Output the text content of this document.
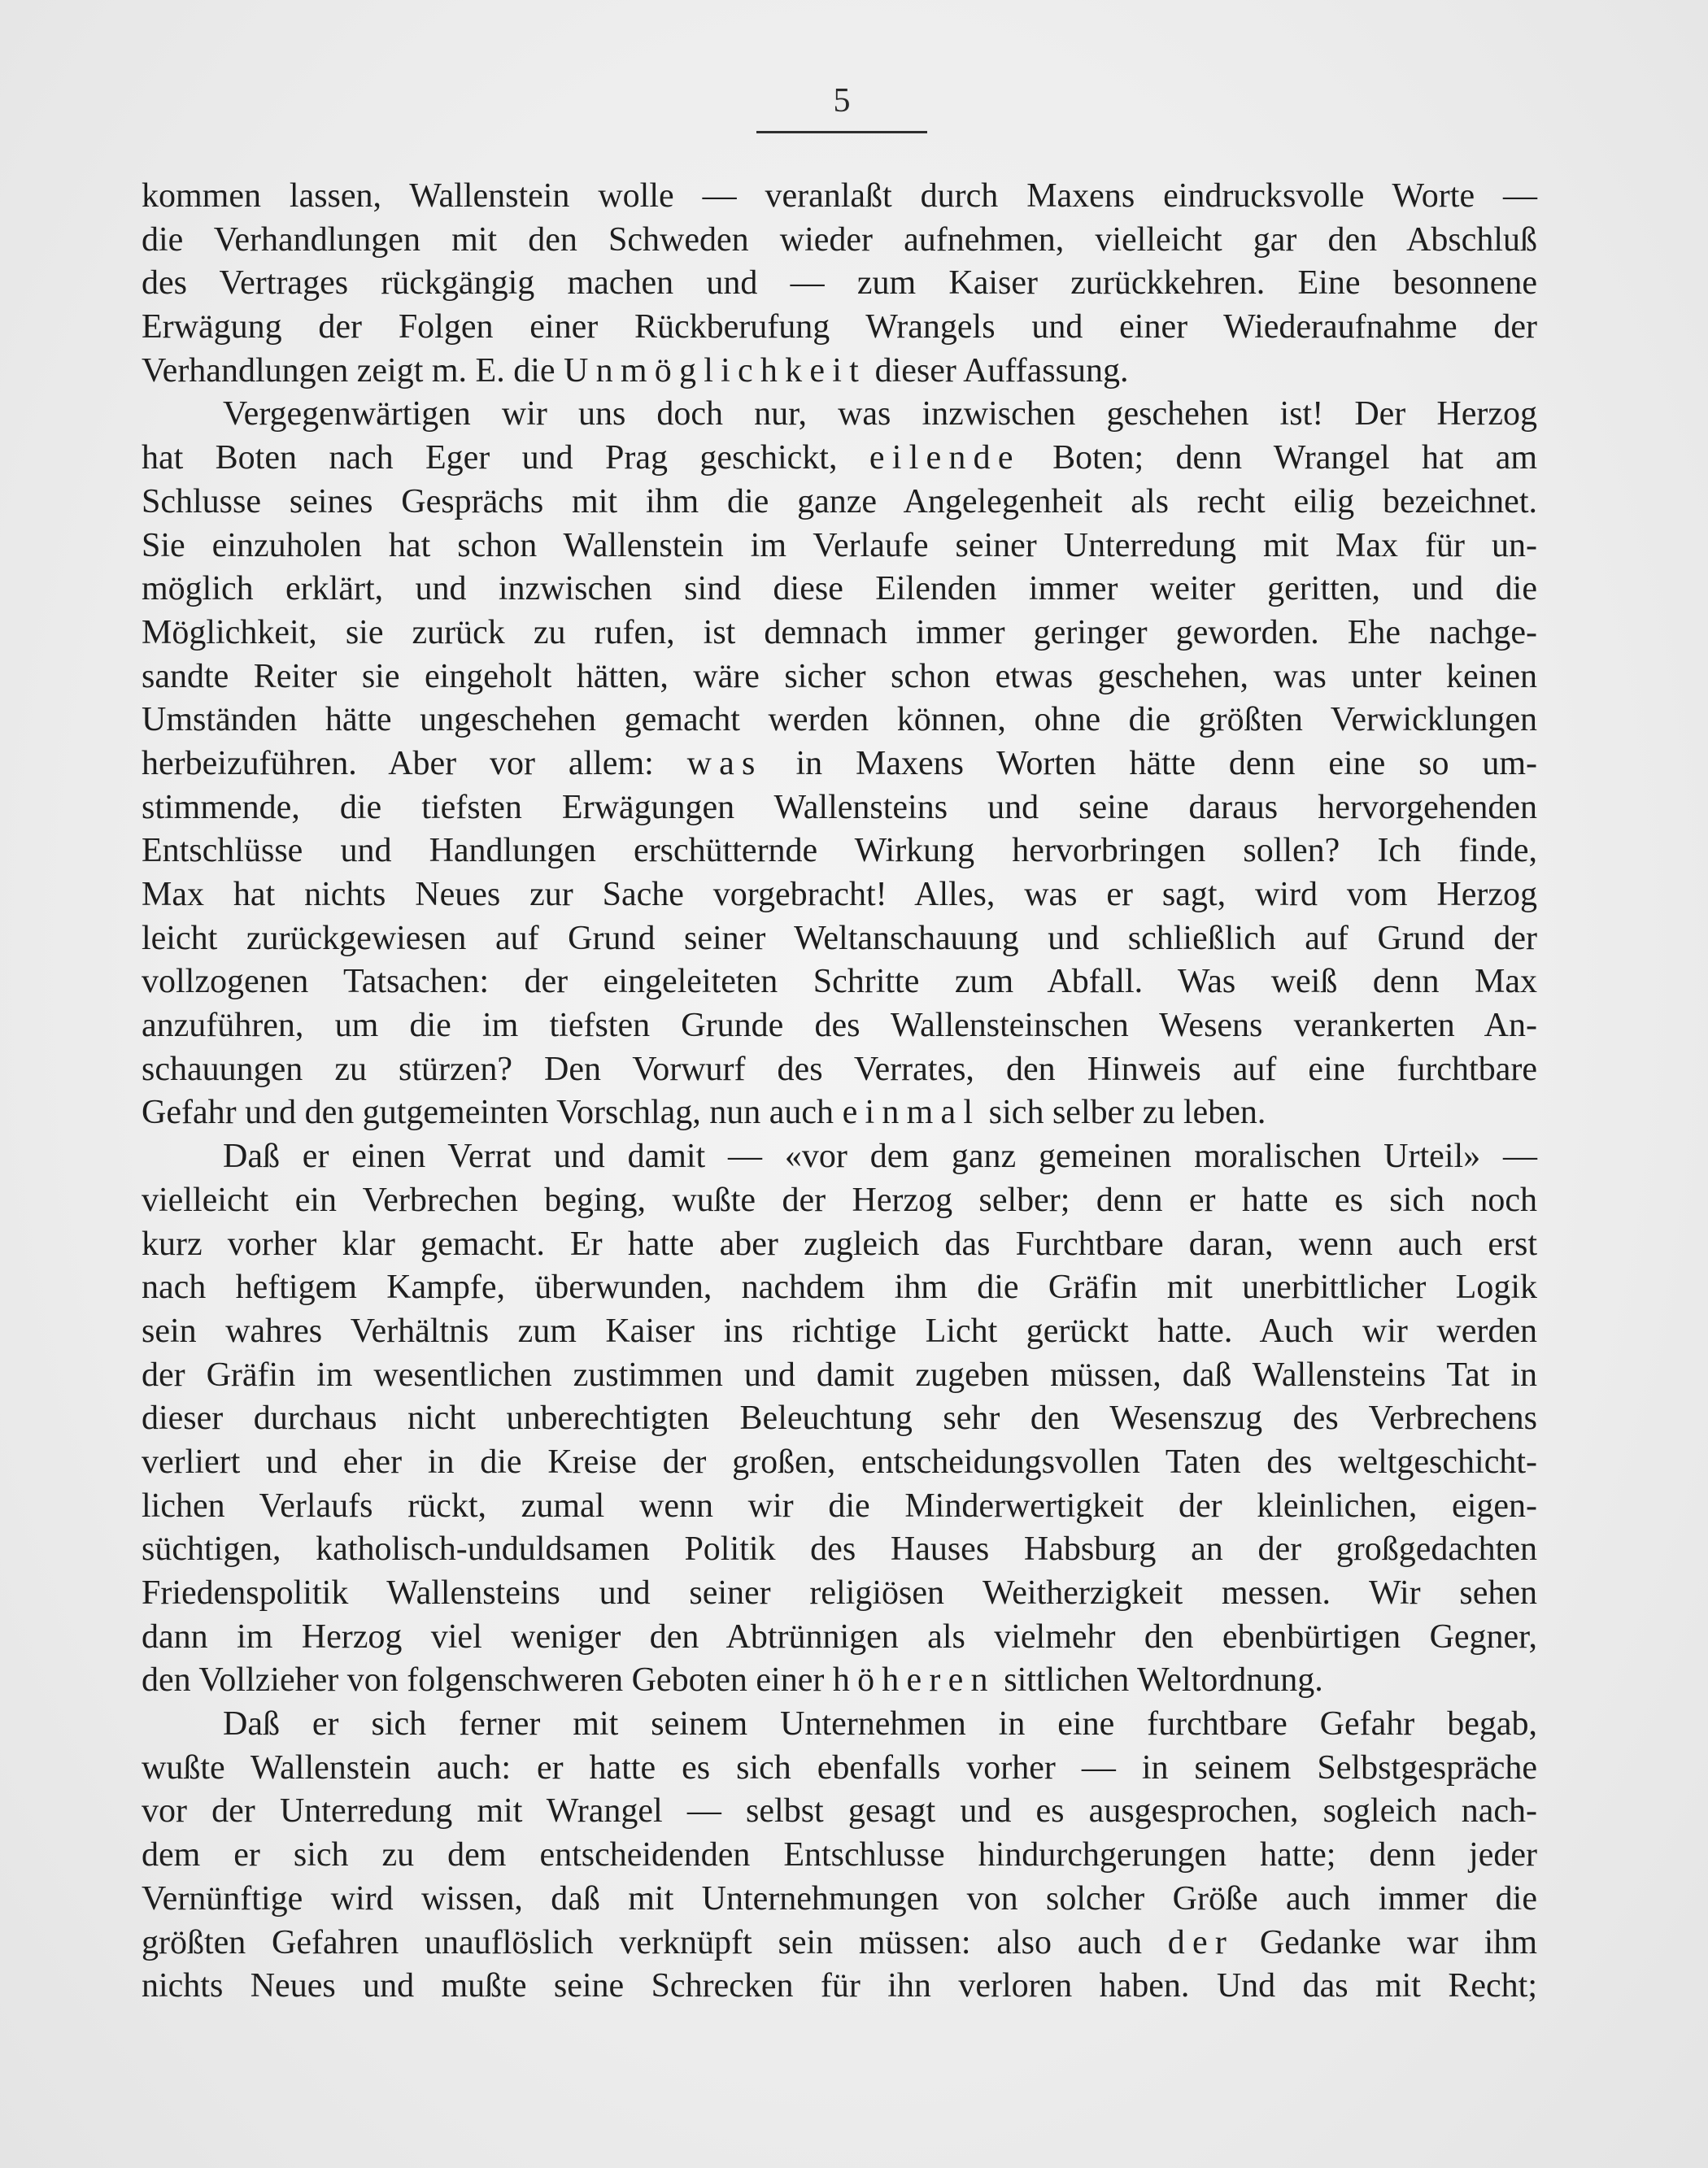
5
kommen lassen, Wallenstein wolle — veranlaßt durch Maxens eindrucksvolle Worte —
die Verhandlungen mit den Schweden wieder aufnehmen, vielleicht gar den Abschluß
des Vertrages rückgängig machen und — zum Kaiser zurückkehren. Eine besonnene
Erwägung der Folgen einer Rückberufung Wrangels und einer Wiederaufnahme der
Verhandlungen zeigt m. E. die Unmöglichkeit dieser Auffassung.
Vergegenwärtigen wir uns doch nur, was inzwischen geschehen ist! Der Herzog
hat Boten nach Eger und Prag geschickt, eilende Boten; denn Wrangel hat am
Schlusse seines Gesprächs mit ihm die ganze Angelegenheit als recht eilig bezeichnet.
Sie einzuholen hat schon Wallenstein im Verlaufe seiner Unterredung mit Max für un-
möglich erklärt, und inzwischen sind diese Eilenden immer weiter geritten, und die
Möglichkeit, sie zurück zu rufen, ist demnach immer geringer geworden. Ehe nachge-
sandte Reiter sie eingeholt hätten, wäre sicher schon etwas geschehen, was unter keinen
Umständen hätte ungeschehen gemacht werden können, ohne die größten Verwicklungen
herbeizuführen. Aber vor allem: was in Maxens Worten hätte denn eine so um-
stimmende, die tiefsten Erwägungen Wallensteins und seine daraus hervorgehenden
Entschlüsse und Handlungen erschütternde Wirkung hervorbringen sollen? Ich finde,
Max hat nichts Neues zur Sache vorgebracht! Alles, was er sagt, wird vom Herzog
leicht zurückgewiesen auf Grund seiner Weltanschauung und schließlich auf Grund der
vollzogenen Tatsachen: der eingeleiteten Schritte zum Abfall. Was weiß denn Max
anzuführen, um die im tiefsten Grunde des Wallensteinschen Wesens verankerten An-
schauungen zu stürzen? Den Vorwurf des Verrates, den Hinweis auf eine furchtbare
Gefahr und den gutgemeinten Vorschlag, nun auch einmal sich selber zu leben.
Daß er einen Verrat und damit — «vor dem ganz gemeinen moralischen Urteil» —
vielleicht ein Verbrechen beging, wußte der Herzog selber; denn er hatte es sich noch
kurz vorher klar gemacht. Er hatte aber zugleich das Furchtbare daran, wenn auch erst
nach heftigem Kampfe, überwunden, nachdem ihm die Gräfin mit unerbittlicher Logik
sein wahres Verhältnis zum Kaiser ins richtige Licht gerückt hatte. Auch wir werden
der Gräfin im wesentlichen zustimmen und damit zugeben müssen, daß Wallensteins Tat in
dieser durchaus nicht unberechtigten Beleuchtung sehr den Wesenszug des Verbrechens
verliert und eher in die Kreise der großen, entscheidungsvollen Taten des weltgeschicht-
lichen Verlaufs rückt, zumal wenn wir die Minderwertigkeit der kleinlichen, eigen-
süchtigen, katholisch-unduldsamen Politik des Hauses Habsburg an der großgedachten
Friedenspolitik Wallensteins und seiner religiösen Weitherzigkeit messen. Wir sehen
dann im Herzog viel weniger den Abtrünnigen als vielmehr den ebenbürtigen Gegner,
den Vollzieher von folgenschweren Geboten einer höheren sittlichen Weltordnung.
Daß er sich ferner mit seinem Unternehmen in eine furchtbare Gefahr begab,
wußte Wallenstein auch: er hatte es sich ebenfalls vorher — in seinem Selbstgespräche
vor der Unterredung mit Wrangel — selbst gesagt und es ausgesprochen, sogleich nach-
dem er sich zu dem entscheidenden Entschlusse hindurchgerungen hatte; denn jeder
Vernünftige wird wissen, daß mit Unternehmungen von solcher Größe auch immer die
größten Gefahren unauflöslich verknüpft sein müssen: also auch der Gedanke war ihm
nichts Neues und mußte seine Schrecken für ihn verloren haben. Und das mit Recht;
